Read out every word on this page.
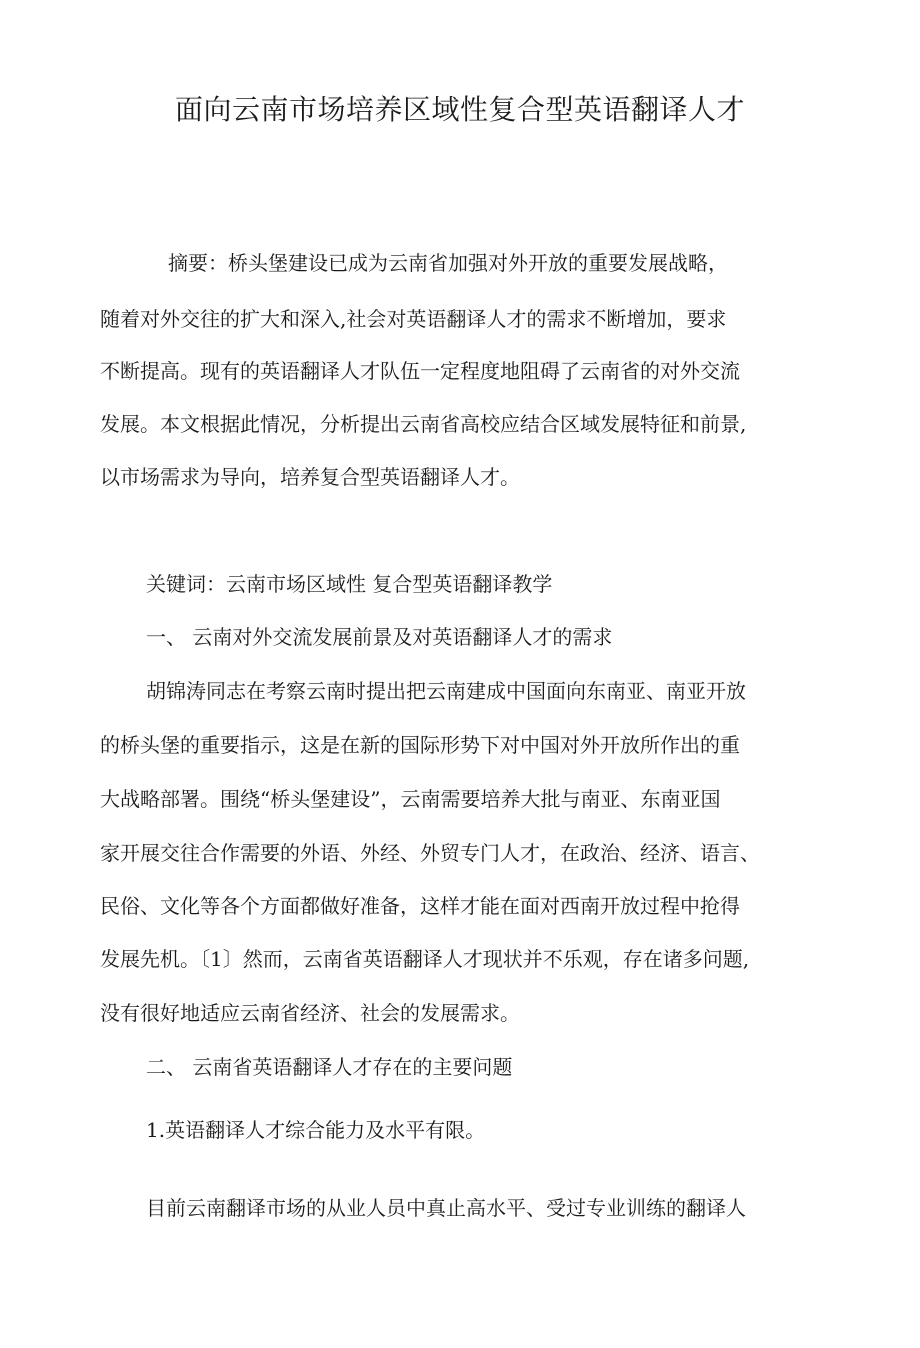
面向云南市场培养区域性复合型英语翻译人才

摘要：桥头堡建设已成为云南省加强对外开放的重要发展战略，

随着对外交往的扩大和深入,社会对英语翻译人才的需求不断增加，要求

不断提高。现有的英语翻译人才队伍一定程度地阻碍了云南省的对外交流

发展。本文根据此情况，分析提出云南省高校应结合区域发展特征和前景,

以市场需求为导向，培养复合型英语翻译人才。

关键词：云南市场区域性 复合型英语翻译教学

一、 云南对外交流发展前景及对英语翻译人才的需求

胡锦涛同志在考察云南时提出把云南建成中国面向东南亚、南亚开放

的桥头堡的重要指示，这是在新的国际形势下对中国对外开放所作出的重

大战略部署。围绕“桥头堡建设”，云南需要培养大批与南亚、东南亚国

家开展交往合作需要的外语、外经、外贸专门人才，在政治、经济、语言、

民俗、文化等各个方面都做好准备，这样才能在面对西南开放过程中抢得

发展先机。〔1〕然而，云南省英语翻译人才现状并不乐观，存在诸多问题,

没有很好地适应云南省经济、社会的发展需求。

二、 云南省英语翻译人才存在的主要问题

1.英语翻译人才综合能力及水平有限。

目前云南翻译市场的从业人员中真止高水平、受过专业训练的翻译人
